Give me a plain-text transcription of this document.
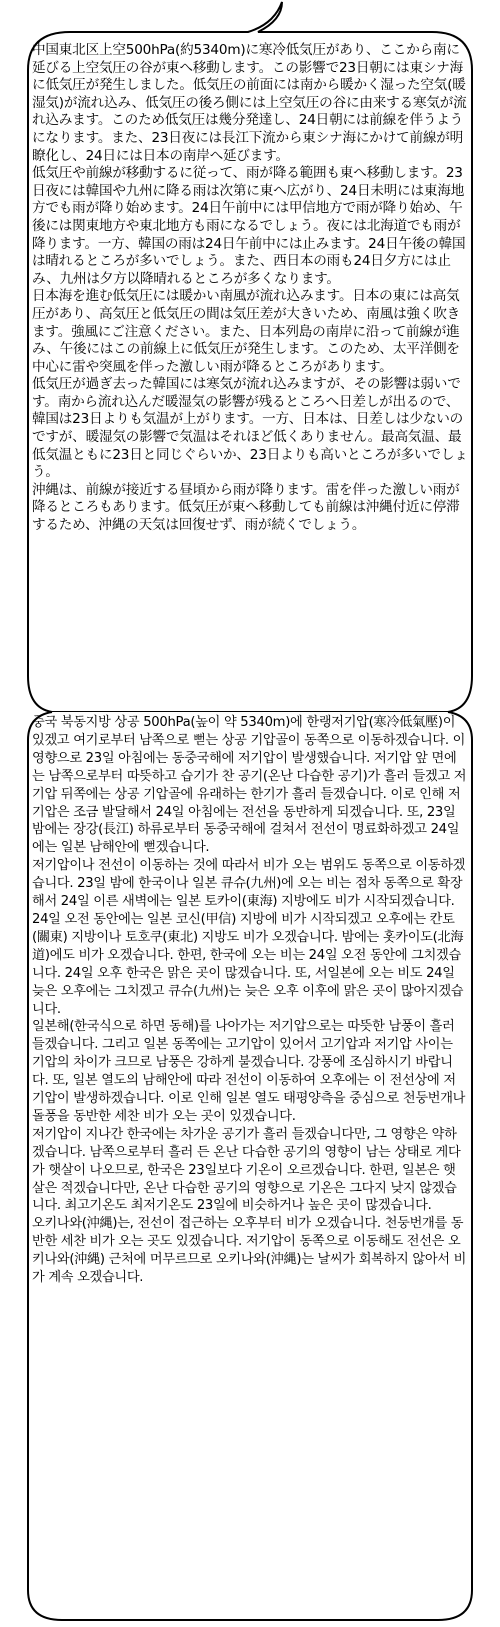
中国東北区上空500hPa(約5340m)に寒冷低気圧があり、ここから南に延びる上空気圧の谷が東へ移動します。この影響で23日朝には東シナ海に低気圧が発生しました。低気圧の前面には南から暖かく湿った空気(暖湿気)が流れ込み、低気圧の後ろ側には上空気圧の谷に由来する寒気が流れ込みます。このため低気圧は幾分発達し、24日朝には前線を伴うようになります。また、23日夜には長江下流から東シナ海にかけて前線が明瞭化し、24日には日本の南岸へ延びます。

低気圧や前線が移動するに従って、雨が降る範囲も東へ移動します。23日夜には韓国や九州に降る雨は次第に東へ広がり、24日未明には東海地方でも雨が降り始めます。24日午前中には甲信地方で雨が降り始め、午後には関東地方や東北地方も雨になるでしょう。夜には北海道でも雨が降ります。一方、韓国の雨は24日午前中には止みます。24日午後の韓国は晴れるところが多いでしょう。また、西日本の雨も24日夕方には止み、九州は夕方以降晴れるところが多くなります。

日本海を進む低気圧には暖かい南風が流れ込みます。日本の東には高気圧があり、高気圧と低気圧の間は気圧差が大きいため、南風は強く吹きます。強風にご注意ください。また、日本列島の南岸に沿って前線が進み、午後にはこの前線上に低気圧が発生します。このため、太平洋側を中心に雷や突風を伴った激しい雨が降るところがあります。

低気圧が過ぎ去った韓国には寒気が流れ込みますが、その影響は弱いです。南から流れ込んだ暖湿気の影響が残るところへ日差しが出るので、韓国は23日よりも気温が上がります。一方、日本は、日差しは少ないのですが、暖湿気の影響で気温はそれほど低くありません。最高気温、最低気温ともに23日と同じぐらいか、23日よりも高いところが多いでしょう。

沖縄は、前線が接近する昼頃から雨が降ります。雷を伴った激しい雨が降るところもあります。低気圧が東へ移動しても前線は沖縄付近に停滞するため、沖縄の天気は回復せず、雨が続くでしょう。

중국 북동지방 상공 500hPa(높이 약 5340m)에 한랭저기압(寒冷低氣壓)이 있겠고 여기로부터 남쪽으로 뻗는 상공 기압골이 동쪽으로 이동하겠습니다. 이 영향으로 23일 아침에는 동중국해에 저기압이 발생했습니다. 저기압 앞 면에는 남쪽으로부터 따뜻하고 습기가 찬 공기(온난 다습한 공기)가 흘러 들겠고 저기압 뒤쪽에는 상공 기압골에 유래하는 한기가 흘러 들겠습니다. 이로 인해 저기압은 조금 발달해서 24일 아침에는 전선을 동반하게 되겠습니다. 또, 23일 밤에는 장강(長江) 하류로부터 동중국해에 걸쳐서 전선이 명료화하겠고 24일에는 일본 남해안에 뻗겠습니다.

저기압이나 전선이 이동하는 것에 따라서 비가 오는 범위도 동쪽으로 이동하겠습니다. 23일 밤에 한국이나 일본 큐슈(九州)에 오는 비는 점차 동쪽으로 확장해서 24일 이른 새벽에는 일본 토카이(東海) 지방에도 비가 시작되겠습니다. 24일 오전 동안에는 일본 코신(甲信) 지방에 비가 시작되겠고 오후에는 칸토(關東) 지방이나 토호쿠(東北) 지방도 비가 오겠습니다. 밤에는 홋카이도(北海道)에도 비가 오겠습니다. 한편, 한국에 오는 비는 24일 오전 동안에 그치겠습니다. 24일 오후 한국은 맑은 곳이 많겠습니다. 또, 서일본에 오는 비도 24일 늦은 오후에는 그치겠고 큐슈(九州)는 늦은 오후 이후에 맑은 곳이 많아지겠습니다.

일본해(한국식으로 하면 동해)를 나아가는 저기압으로는 따뜻한 남풍이 흘러 들겠습니다. 그리고 일본 동쪽에는 고기압이 있어서 고기압과 저기압 사이는 기압의 차이가 크므로 남풍은 강하게 불겠습니다. 강풍에 조심하시기 바랍니다. 또, 일본 열도의 남해안에 따라 전선이 이동하여 오후에는 이 전선상에 저기압이 발생하겠습니다. 이로 인해 일본 열도 태평양측을 중심으로 천둥번개나 돌풍을 동반한 세찬 비가 오는 곳이 있겠습니다.

저기압이 지나간 한국에는 차가운 공기가 흘러 들겠습니다만, 그 영향은 약하겠습니다. 남쪽으로부터 흘러 든 온난 다습한 공기의 영향이 남는 상태로 게다가 햇살이 나오므로, 한국은 23일보다 기온이 오르겠습니다. 한편, 일본은 햇살은 적겠습니다만, 온난 다습한 공기의 영향으로 기온은 그다지 낮지 않겠습니다. 최고기온도 최저기온도 23일에 비슷하거나 높은 곳이 많겠습니다.

오키나와(沖縄)는, 전선이 접근하는 오후부터 비가 오겠습니다. 천둥번개를 동반한 세찬 비가 오는 곳도 있겠습니다. 저기압이 동쪽으로 이동해도 전선은 오키나와(沖縄) 근처에 머무르므로 오키나와(沖縄)는 날씨가 회복하지 않아서 비가 계속 오겠습니다.
